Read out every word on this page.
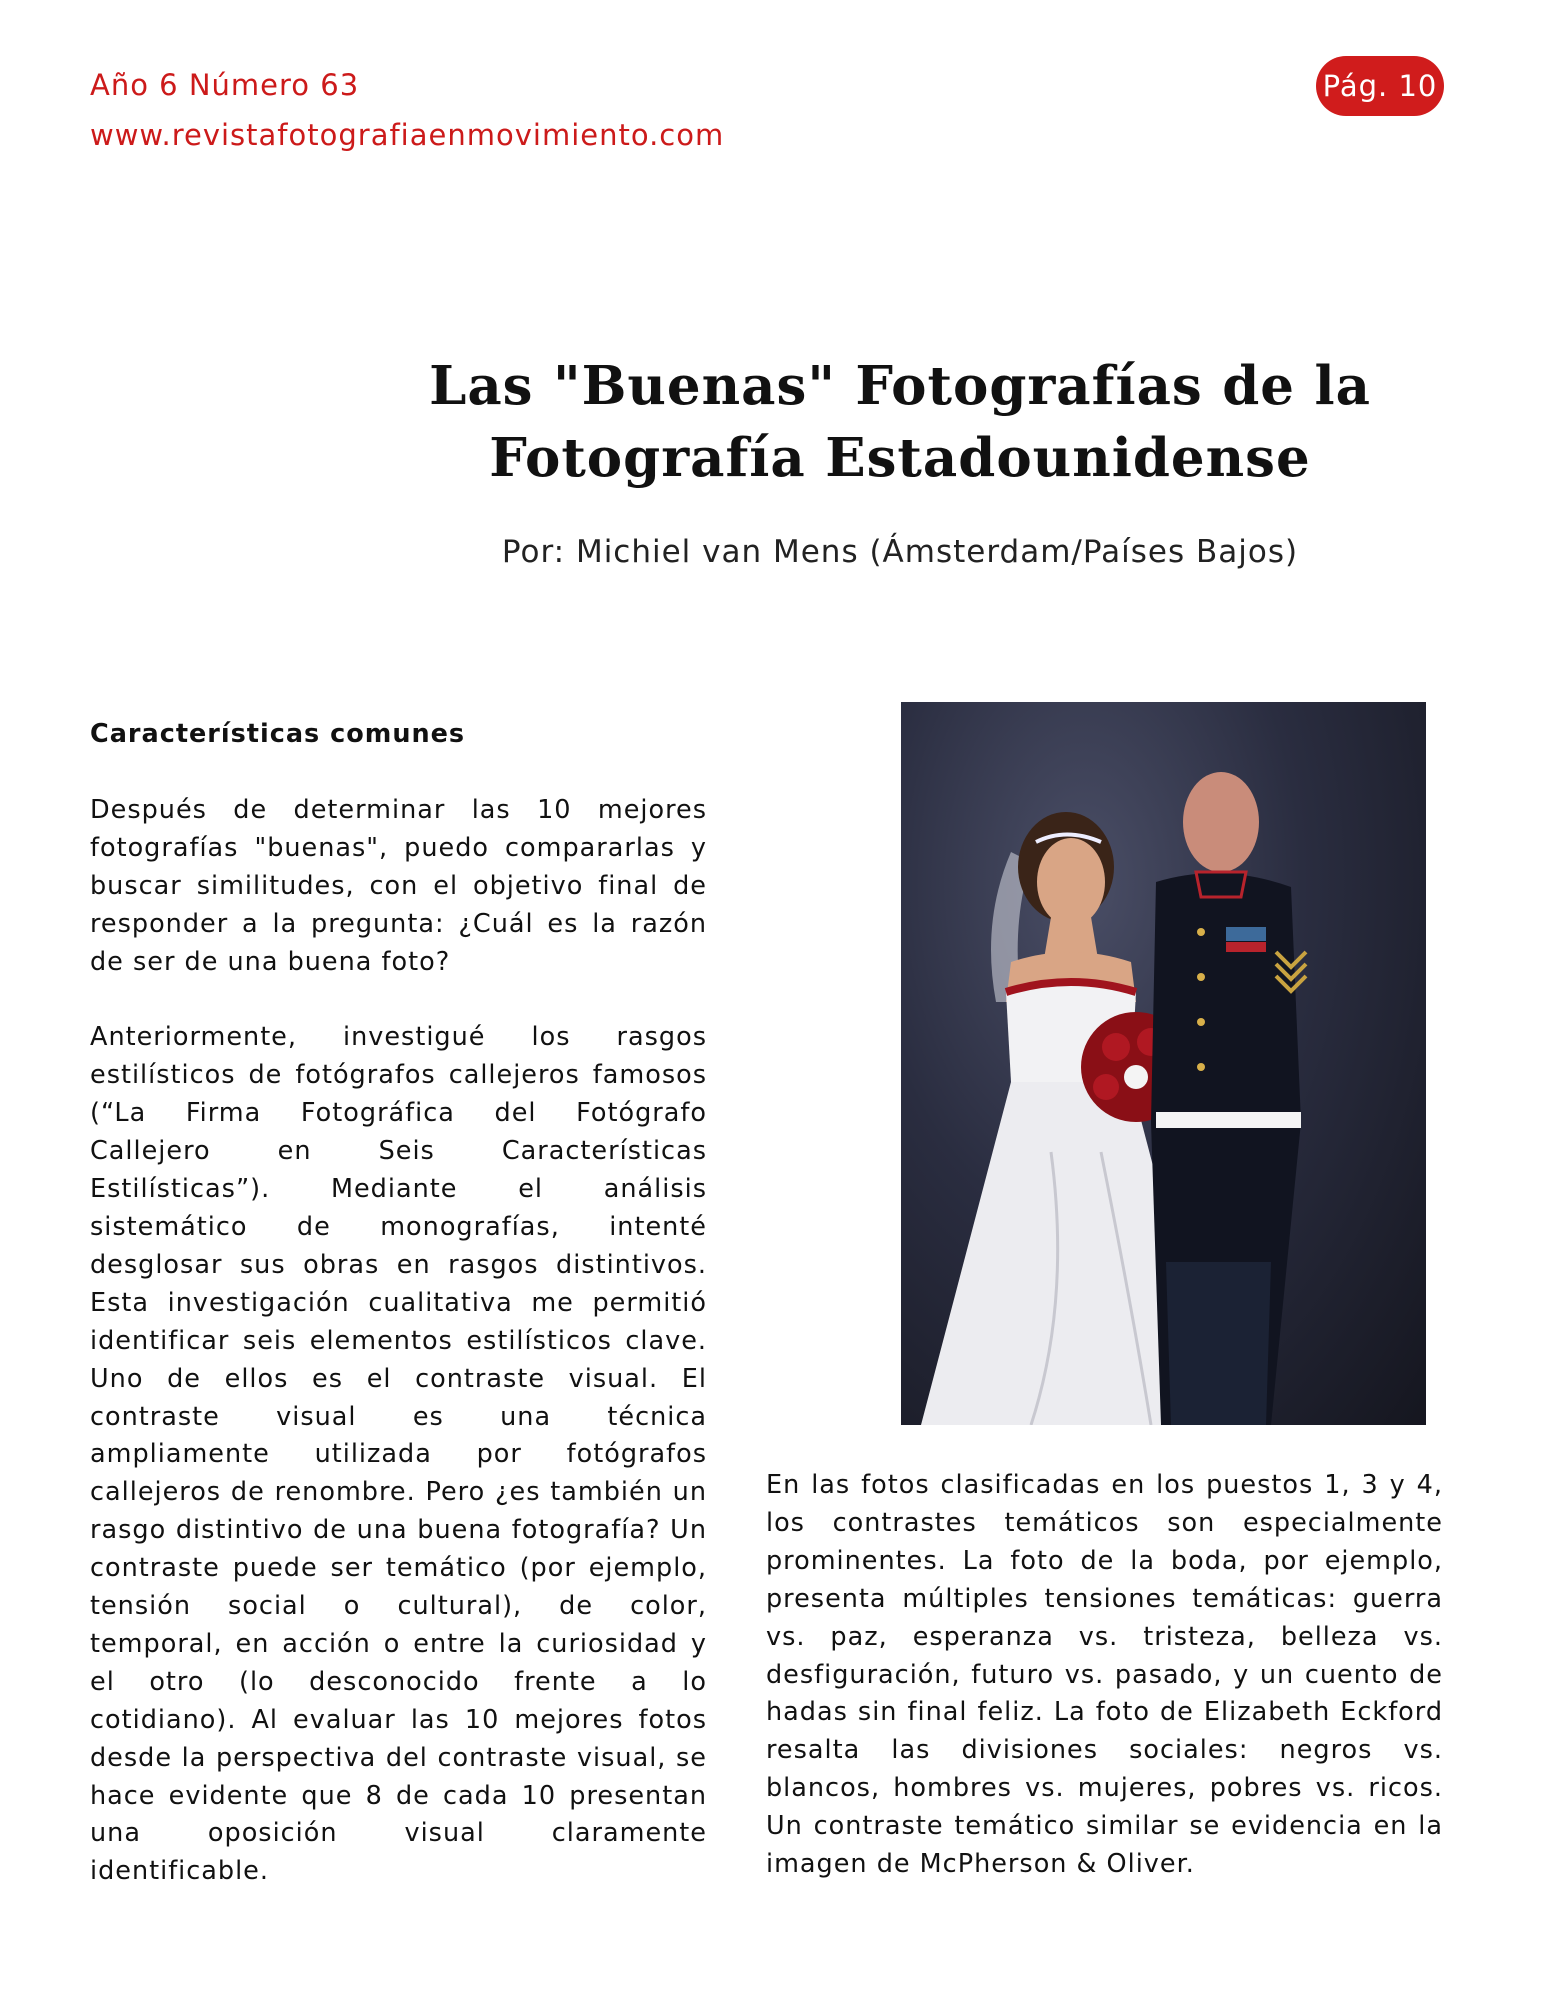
Año 6 Número 63
www.revistafotografiaenmovimiento.com
Pág. 10
Las "Buenas" Fotografías de la
Fotografía Estadounidense
Por: Michiel van Mens (Ámsterdam/Países Bajos)

Características comunes

Después de determinar las 10 mejores fotografías "buenas", puedo compararlas y buscar similitudes, con el objetivo final de responder a la pregunta: ¿Cuál es la razón de ser de una buena foto?

Anteriormente, investigué los rasgos estilísticos de fotógrafos callejeros famosos (“La Firma Fotográfica del Fotógrafo Callejero en Seis Características Estilísticas”). Mediante el análisis sistemático de monografías, intenté desglosar sus obras en rasgos distintivos. Esta investigación cualitativa me permitió identificar seis elementos estilísticos clave. Uno de ellos es el contraste visual. El contraste visual es una técnica ampliamente utilizada por fotógrafos callejeros de renombre. Pero ¿es también un rasgo distintivo de una buena fotografía? Un contraste puede ser temático (por ejemplo, tensión social o cultural), de color, temporal, en acción o entre la curiosidad y el otro (lo desconocido frente a lo cotidiano). Al evaluar las 10 mejores fotos desde la perspectiva del contraste visual, se hace evidente que 8 de cada 10 presentan una oposición visual claramente identificable.

En las fotos clasificadas en los puestos 1, 3 y 4, los contrastes temáticos son especialmente prominentes. La foto de la boda, por ejemplo, presenta múltiples tensiones temáticas: guerra vs. paz, esperanza vs. tristeza, belleza vs. desfiguración, futuro vs. pasado, y un cuento de hadas sin final feliz. La foto de Elizabeth Eckford resalta las divisiones sociales: negros vs. blancos, hombres vs. mujeres, pobres vs. ricos. Un contraste temático similar se evidencia en la imagen de McPherson & Oliver.
